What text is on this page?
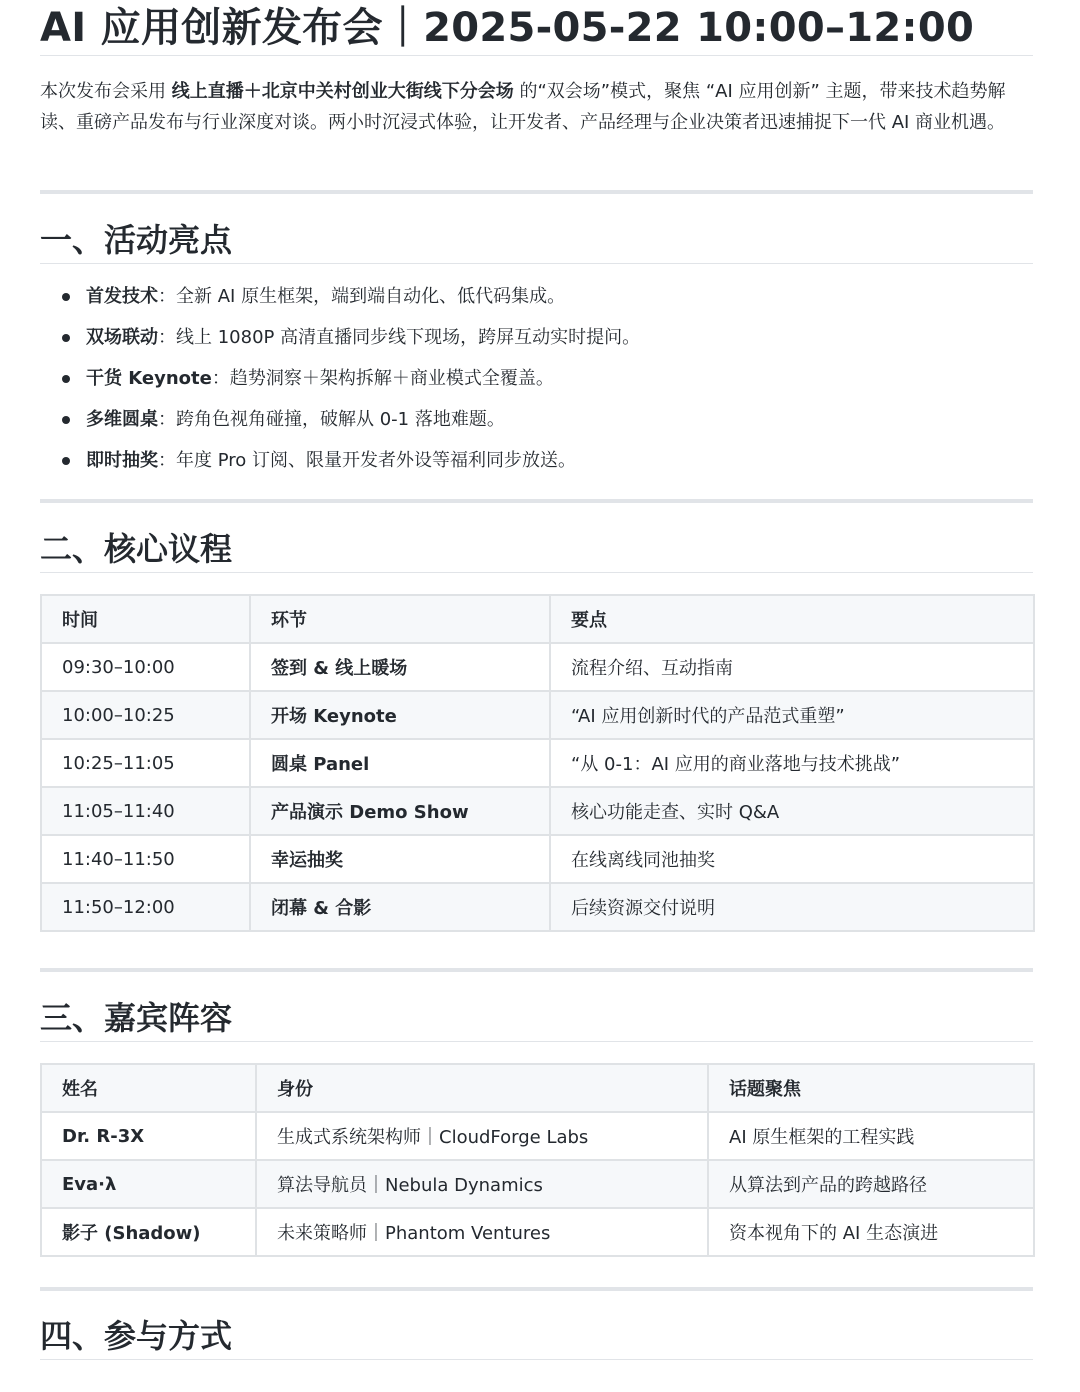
AI 应用创新发布会｜2025-05-22 10:00–12:00

本次发布会采用 线上直播＋北京中关村创业大街线下分会场 的“双会场”模式，聚焦 “AI 应用创新” 主题，带来技术趋势解读、重磅产品发布与行业深度对谈。两小时沉浸式体验，让开发者、产品经理与企业决策者迅速捕捉下一代 AI 商业机遇。

一、活动亮点
首发技术：全新 AI 原生框架，端到端自动化、低代码集成。
双场联动：线上 1080P 高清直播同步线下现场，跨屏互动实时提问。
干货 Keynote：趋势洞察＋架构拆解＋商业模式全覆盖。
多维圆桌：跨角色视角碰撞，破解从 0-1 落地难题。
即时抽奖：年度 Pro 订阅、限量开发者外设等福利同步放送。
二、核心议程
时间	环节	要点
09:30–10:00	签到 & 线上暖场	流程介绍、互动指南
10:00–10:25	开场 Keynote	“AI 应用创新时代的产品范式重塑”
10:25–11:05	圆桌 Panel	“从 0-1：AI 应用的商业落地与技术挑战”
11:05–11:40	产品演示 Demo Show	核心功能走查、实时 Q&A
11:40–11:50	幸运抽奖	在线离线同池抽奖
11:50–12:00	闭幕 & 合影	后续资源交付说明
三、嘉宾阵容
姓名	身份	话题聚焦
Dr. R-3X	生成式系统架构师｜CloudForge Labs	AI 原生框架的工程实践
Eva·λ	算法导航员｜Nebula Dynamics	从算法到产品的跨越路径
影子 (Shadow)	未来策略师｜Phantom Ventures	资本视角下的 AI 生态演进
四、参与方式
